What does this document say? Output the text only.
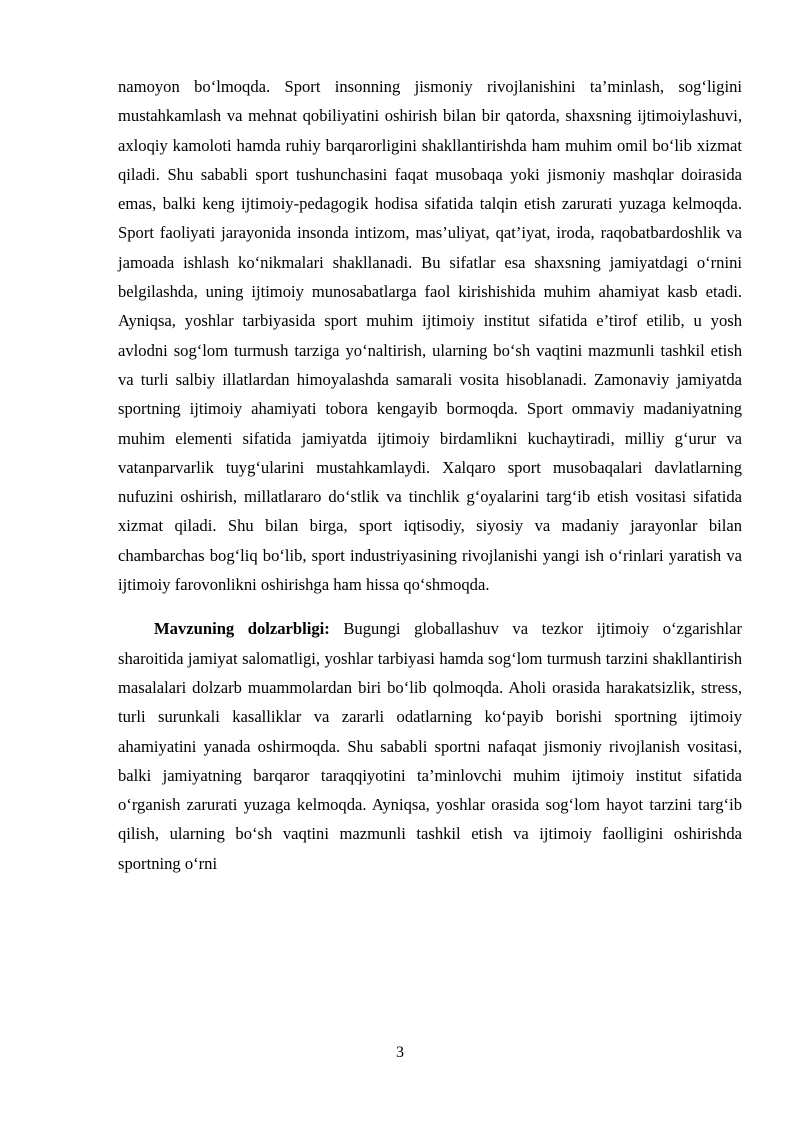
namoyon bo‘lmoqda. Sport insonning jismoniy rivojlanishini ta’minlash, sog‘ligini mustahkamlash va mehnat qobiliyatini oshirish bilan bir qatorda, shaxsning ijtimoiylashuvi, axloqiy kamoloti hamda ruhiy barqarorligini shakllantirishda ham muhim omil bo‘lib xizmat qiladi. Shu sababli sport tushunchasini faqat musobaqa yoki jismoniy mashqlar doirasida emas, balki keng ijtimoiy-pedagogik hodisa sifatida talqin etish zarurati yuzaga kelmoqda. Sport faoliyati jarayonida insonda intizom, mas’uliyat, qat’iyat, iroda, raqobatbardoshlik va jamoada ishlash ko‘nikmalari shakllanadi. Bu sifatlar esa shaxsning jamiyatdagi o‘rnini belgilashda, uning ijtimoiy munosabatlarga faol kirishishida muhim ahamiyat kasb etadi. Ayniqsa, yoshlar tarbiyasida sport muhim ijtimoiy institut sifatida e’tirof etilib, u yosh avlodni sog‘lom turmush tarziga yo‘naltirish, ularning bo‘sh vaqtini mazmunli tashkil etish va turli salbiy illatlardan himoyalashda samarali vosita hisoblanadi. Zamonaviy jamiyatda sportning ijtimoiy ahamiyati tobora kengayib bormoqda. Sport ommaviy madaniyatning muhim elementi sifatida jamiyatda ijtimoiy birdamlikni kuchaytiradi, milliy g‘urur va vatanparvarlik tuyg‘ularini mustahkamlaydi. Xalqaro sport musobaqalari davlatlarning nufuzini oshirish, millatlararo do‘stlik va tinchlik g‘oyalarini targ‘ib etish vositasi sifatida xizmat qiladi. Shu bilan birga, sport iqtisodiy, siyosiy va madaniy jarayonlar bilan chambarchas bog‘liq bo‘lib, sport industriyasining rivojlanishi yangi ish o‘rinlari yaratish va ijtimoiy farovonlikni oshirishga ham hissa qo‘shmoqda.

Mavzuning dolzarbligi: Bugungi globallashuv va tezkor ijtimoiy o‘zgarishlar sharoitida jamiyat salomatligi, yoshlar tarbiyasi hamda sog‘lom turmush tarzini shakllantirish masalalari dolzarb muammolardan biri bo‘lib qolmoqda. Aholi orasida harakatsizlik, stress, turli surunkali kasalliklar va zararli odatlarning ko‘payib borishi sportning ijtimoiy ahamiyatini yanada oshirmoqda. Shu sababli sportni nafaqat jismoniy rivojlanish vositasi, balki jamiyatning barqaror taraqqiyotini ta’minlovchi muhim ijtimoiy institut sifatida o‘rganish zarurati yuzaga kelmoqda. Ayniqsa, yoshlar orasida sog‘lom hayot tarzini targ‘ib qilish, ularning bo‘sh vaqtini mazmunli tashkil etish va ijtimoiy faolligini oshirishda sportning o‘rni

3
